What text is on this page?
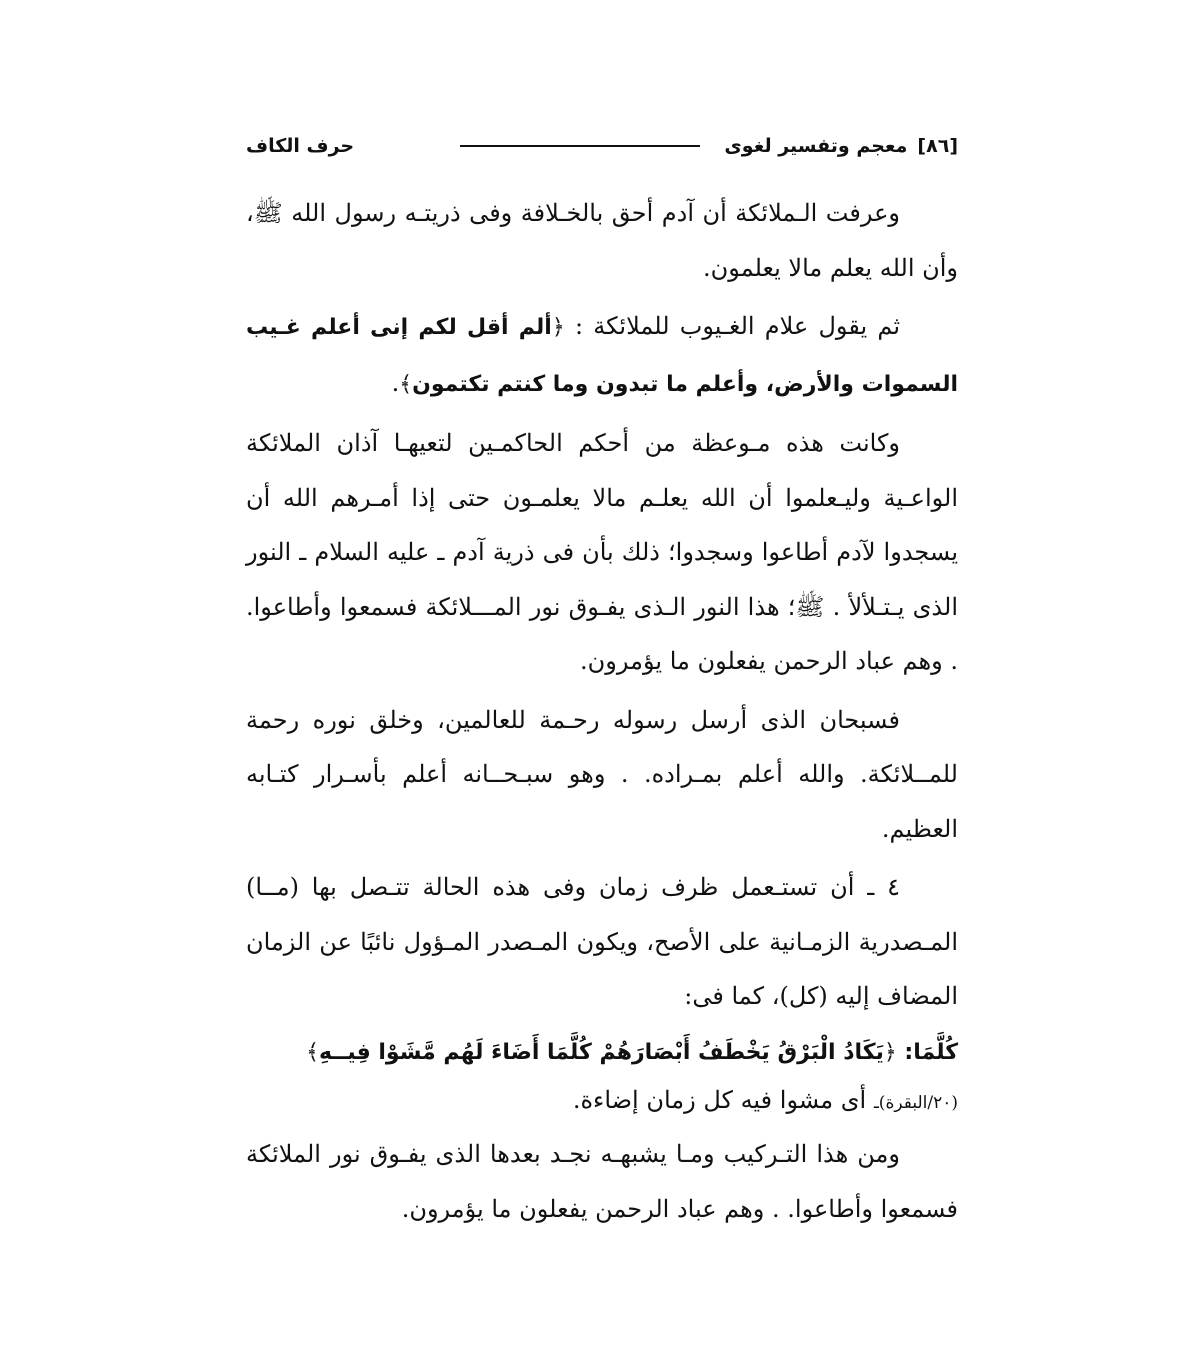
[٨٦]
معجم وتفسير لغوى
حرف الكاف

وعرفت الـملائكة أن آدم أحق بالخـلافة وفى ذريتـه رسول الله ﷺ، وأن الله يعلم مالا يعلمون.

ثم يقول علام الغـيوب للملائكة : ﴿ألم أقل لكم إنى أعلم غـيب السموات والأرض، وأعلم ما تبدون وما كنتم تكتمون﴾.

وكانت هذه مـوعظة من أحكم الحاكمـين لتعيهـا آذان الملائكة الواعـية وليـعلموا أن الله يعلـم مالا يعلمـون حتى إذا أمـرهم الله أن يسجدوا لآدم أطاعوا وسجدوا؛ ذلك بأن فى ذرية آدم ـ عليه السلام ـ النور الذى يـتـلألأ . ﷺ؛ هذا النور الـذى يفـوق نور المـــلائكة فسمعوا وأطاعوا. . وهم عباد الرحمن يفعلون ما يؤمرون.

فسبحان الذى أرسل رسوله رحـمة للعالمين، وخلق نوره رحمة للمــلائكة. والله أعلم بمـراده. . وهو سبـحــانه أعلم بأسـرار كتـابه العظيم.

٤ ـ أن تستـعمل ظرف زمان وفى هذه الحالة تتـصل بها (مــا) المـصدرية الزمـانية على الأصح، ويكون المـصدر المـؤول نائبًا عن الزمان المضاف إليه (كل)، كما فى:

كُلَّمَا: ﴿يَكَادُ الْبَرْقُ يَخْطَفُ أَبْصَارَهُمْ كُلَّمَا أَضَاءَ لَهُم مَّشَوْا فِيــهِ﴾

(٢٠/البقرة)ـ أى مشوا فيه كل زمان إضاءة.

ومن هذا التـركيب ومـا يشبهـه نجـد بعدها الذى يفـوق نور الملائكة فسمعوا وأطاعوا. . وهم عباد الرحمن يفعلون ما يؤمرون.
